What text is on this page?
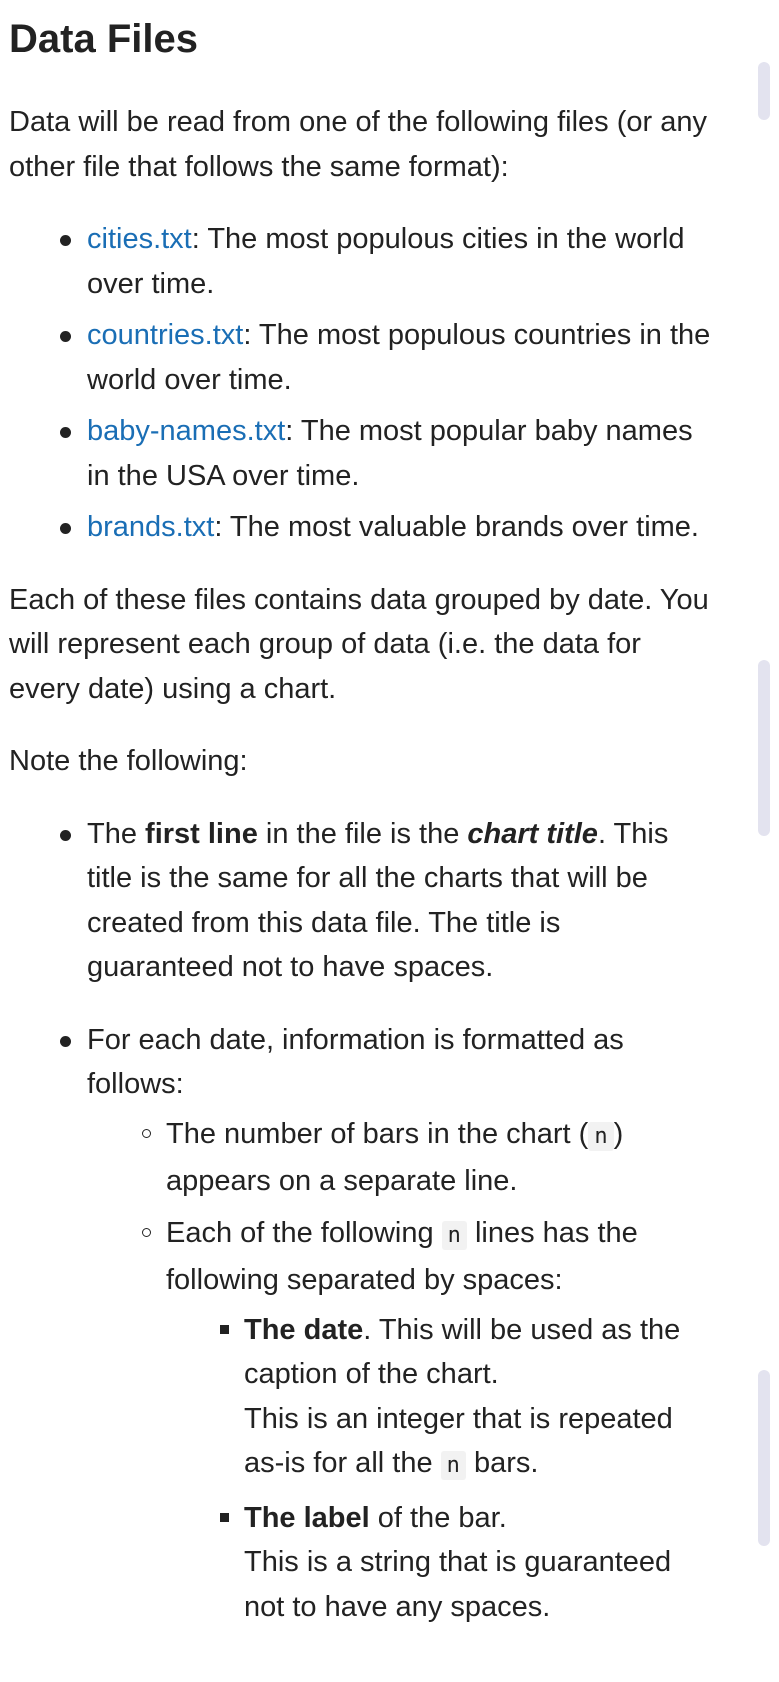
Data Files

Data will be read from one of the following files (or any other file that follows the same format):

cities.txt: The most populous cities in the world over time.
countries.txt: The most populous countries in the world over time.
baby-names.txt: The most popular baby names in the USA over time.
brands.txt: The most valuable brands over time.

Each of these files contains data grouped by date. You will represent each group of data (i.e. the data for every date) using a chart.

Note the following:

The first line in the file is the chart title. This title is the same for all the charts that will be created from this data file. The title is guaranteed not to have spaces.
For each date, information is formatted as follows:
The number of bars in the chart ( n ) appears on a separate line.
Each of the following n lines has the following separated by spaces:
The date. This will be used as the caption of the chart.
This is an integer that is repeated as-is for all the n bars.
The label of the bar.
This is a string that is guaranteed not to have any spaces.
